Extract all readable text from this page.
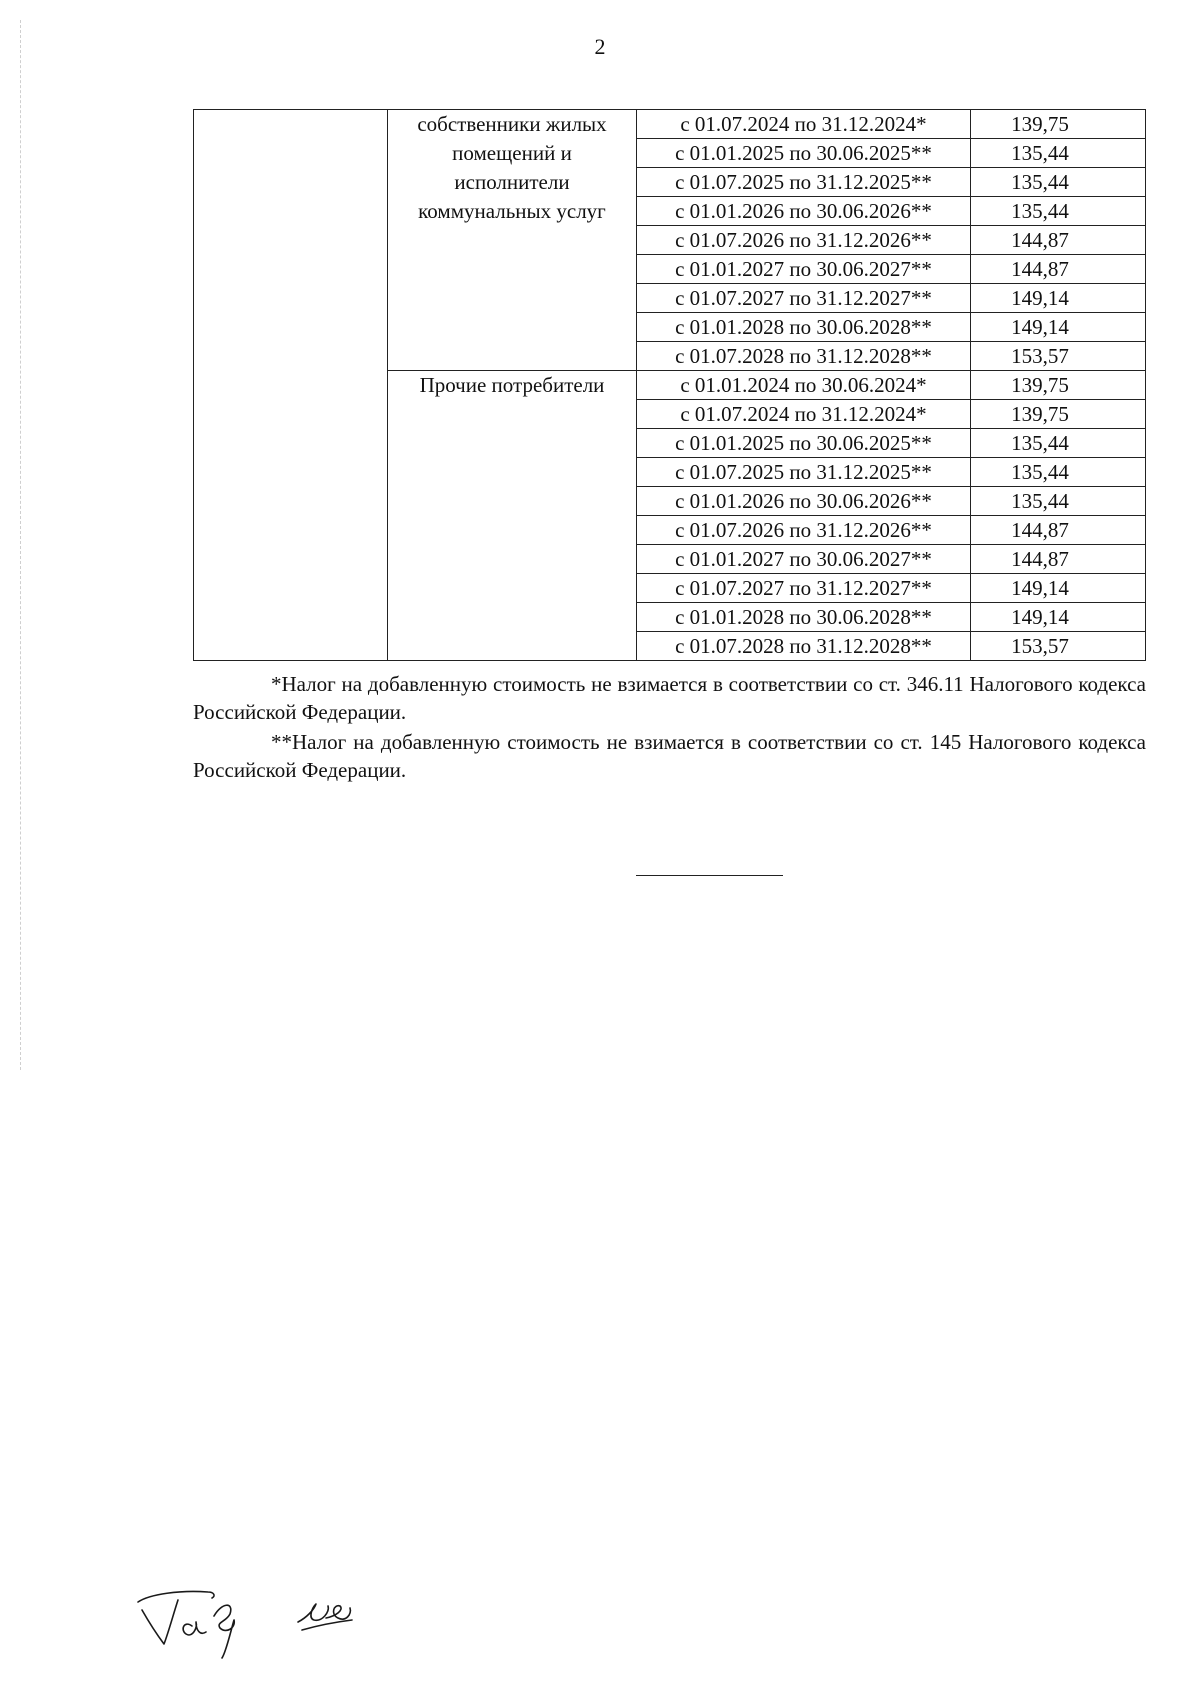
2
	собственники жилых помещений и исполнители коммунальных услуг	с 01.07.2024 по 31.12.2024*	139,75
		с 01.01.2025 по 30.06.2025**	135,44
		с 01.07.2025 по 31.12.2025**	135,44
		с 01.01.2026 по 30.06.2026**	135,44
		с 01.07.2026 по 31.12.2026**	144,87
		с 01.01.2027 по 30.06.2027**	144,87
		с 01.07.2027 по 31.12.2027**	149,14
		с 01.01.2028 по 30.06.2028**	149,14
		с 01.07.2028 по 31.12.2028**	153,57
	Прочие потребители	с 01.01.2024 по 30.06.2024*	139,75
		с 01.07.2024 по 31.12.2024*	139,75
		с 01.01.2025 по 30.06.2025**	135,44
		с 01.07.2025 по 31.12.2025**	135,44
		с 01.01.2026 по 30.06.2026**	135,44
		с 01.07.2026 по 31.12.2026**	144,87
		с 01.01.2027 по 30.06.2027**	144,87
		с 01.07.2027 по 31.12.2027**	149,14
		с 01.01.2028 по 30.06.2028**	149,14
		с 01.07.2028 по 31.12.2028**	153,57
*Налог на добавленную стоимость не взимается в соответствии со ст. 346.11 Налогового кодекса Российской Федерации.
**Налог на добавленную стоимость не взимается в соответствии со ст. 145 Налогового кодекса Российской Федерации.
